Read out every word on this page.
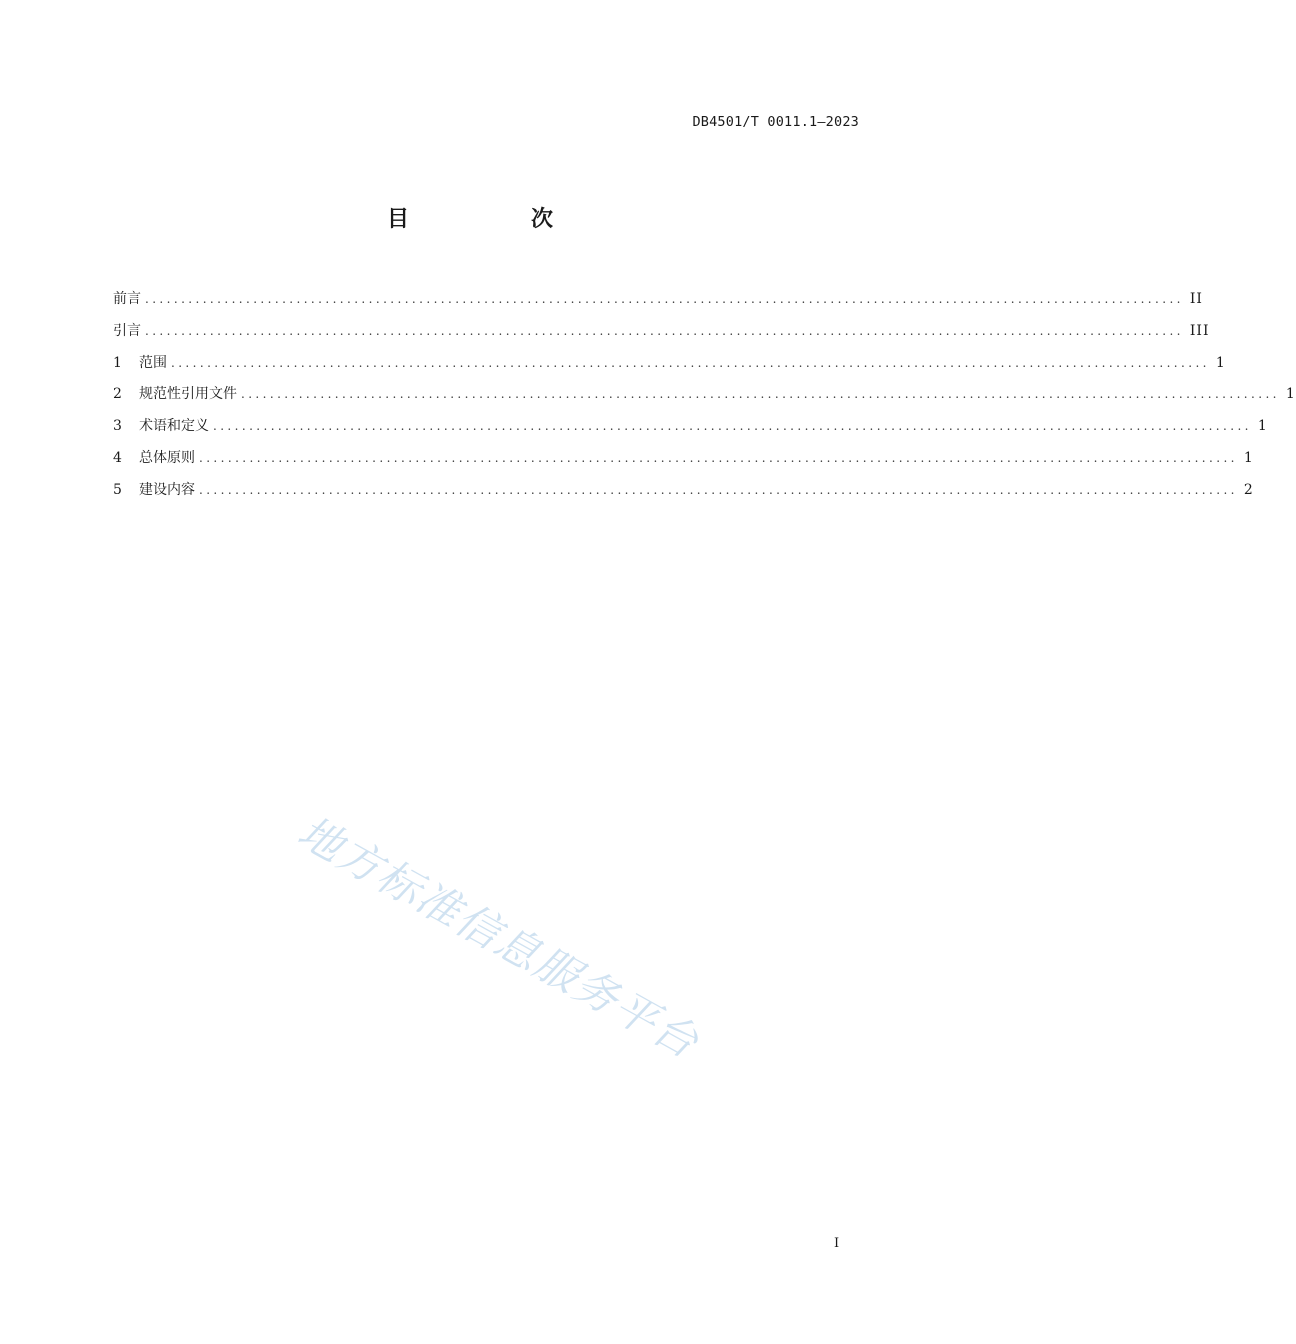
DB4501/T 0011.1—2023
目　次
前言 ................................................................................................................................................ II
引言 ................................................................................................................................................ III
1	范围 ................................................................................................................................................ 1
2	规范性引用文件 ................................................................................................................................................ 1
3	术语和定义 ................................................................................................................................................ 1
4	总体原则 ................................................................................................................................................ 1
5	建设内容 ................................................................................................................................................ 2
地方标准信息服务平台
I
